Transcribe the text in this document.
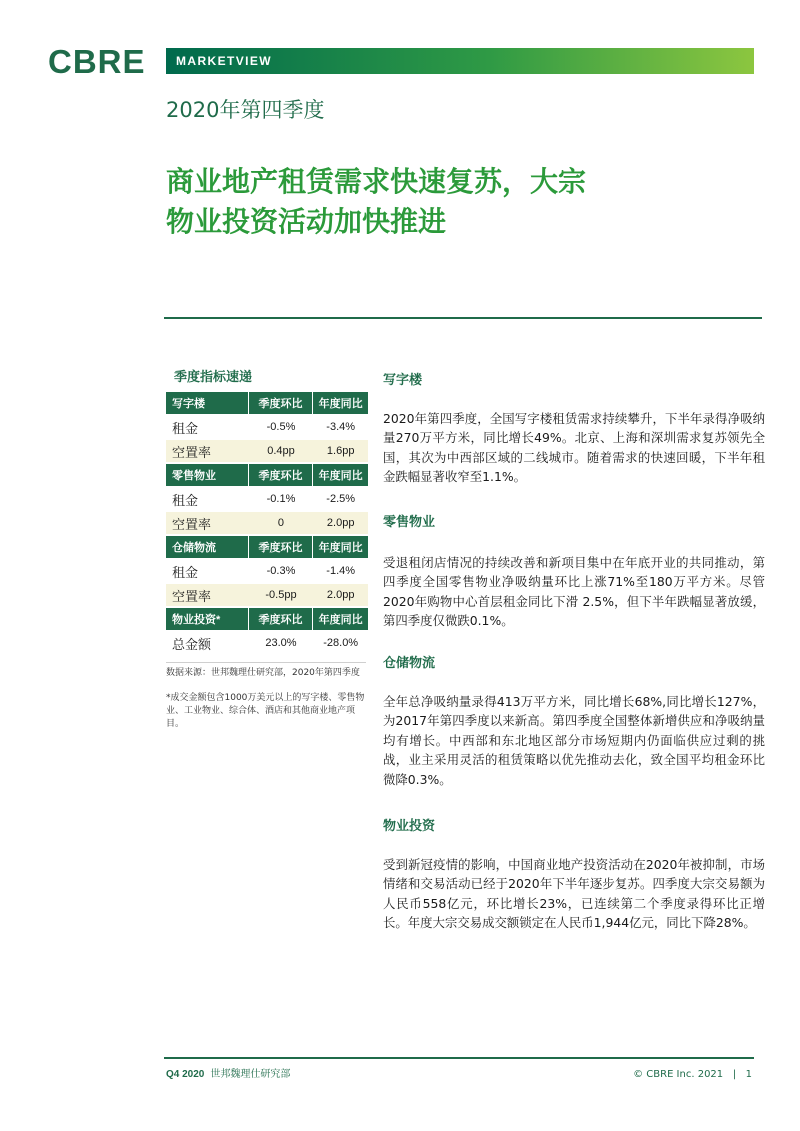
CBRE	MARKETVIEW
2020年第四季度
商业地产租赁需求快速复苏，大宗
物业投资活动加快推进
季度指标速递
写字楼	季度环比	年度同比
租金	-0.5%	-3.4%
空置率	0.4pp	1.6pp
零售物业	季度环比	年度同比
租金	-0.1%	-2.5%
空置率	0	2.0pp
仓储物流	季度环比	年度同比
租金	-0.3%	-1.4%
空置率	-0.5pp	2.0pp
物业投资*	季度环比	年度同比
总金额	23.0%	-28.0%
数据来源：世邦魏理仕研究部，2020年第四季度
*成交金额包含1000万美元以上的写字楼、零售物业、工业物业、综合体、酒店和其他商业地产项目。
写字楼
2020年第四季度，全国写字楼租赁需求持续攀升，下半年录得净吸纳量270万平方米，同比增长49%。北京、上海和深圳需求复苏领先全国，其次为中西部区域的二线城市。随着需求的快速回暖，下半年租金跌幅显著收窄至1.1%。
零售物业
受退租闭店情况的持续改善和新项目集中在年底开业的共同推动，第四季度全国零售物业净吸纳量环比上涨71%至180万平方米。尽管2020年购物中心首层租金同比下滑 2.5%，但下半年跌幅显著放缓，第四季度仅微跌0.1%。
仓储物流
全年总净吸纳量录得413万平方米，同比增长68%,同比增长127%，为2017年第四季度以来新高。第四季度全国整体新增供应和净吸纳量均有增长。中西部和东北地区部分市场短期内仍面临供应过剩的挑战，业主采用灵活的租赁策略以优先推动去化，致全国平均租金环比微降0.3%。
物业投资
受到新冠疫情的影响，中国商业地产投资活动在2020年被抑制，市场情绪和交易活动已经于2020年下半年逐步复苏。四季度大宗交易额为人民币558亿元，环比增长23%，已连续第二个季度录得环比正增长。年度大宗交易成交额锁定在人民币1,944亿元，同比下降28%。
Q4 2020 世邦魏理仕研究部	© CBRE Inc. 2021 | 1
